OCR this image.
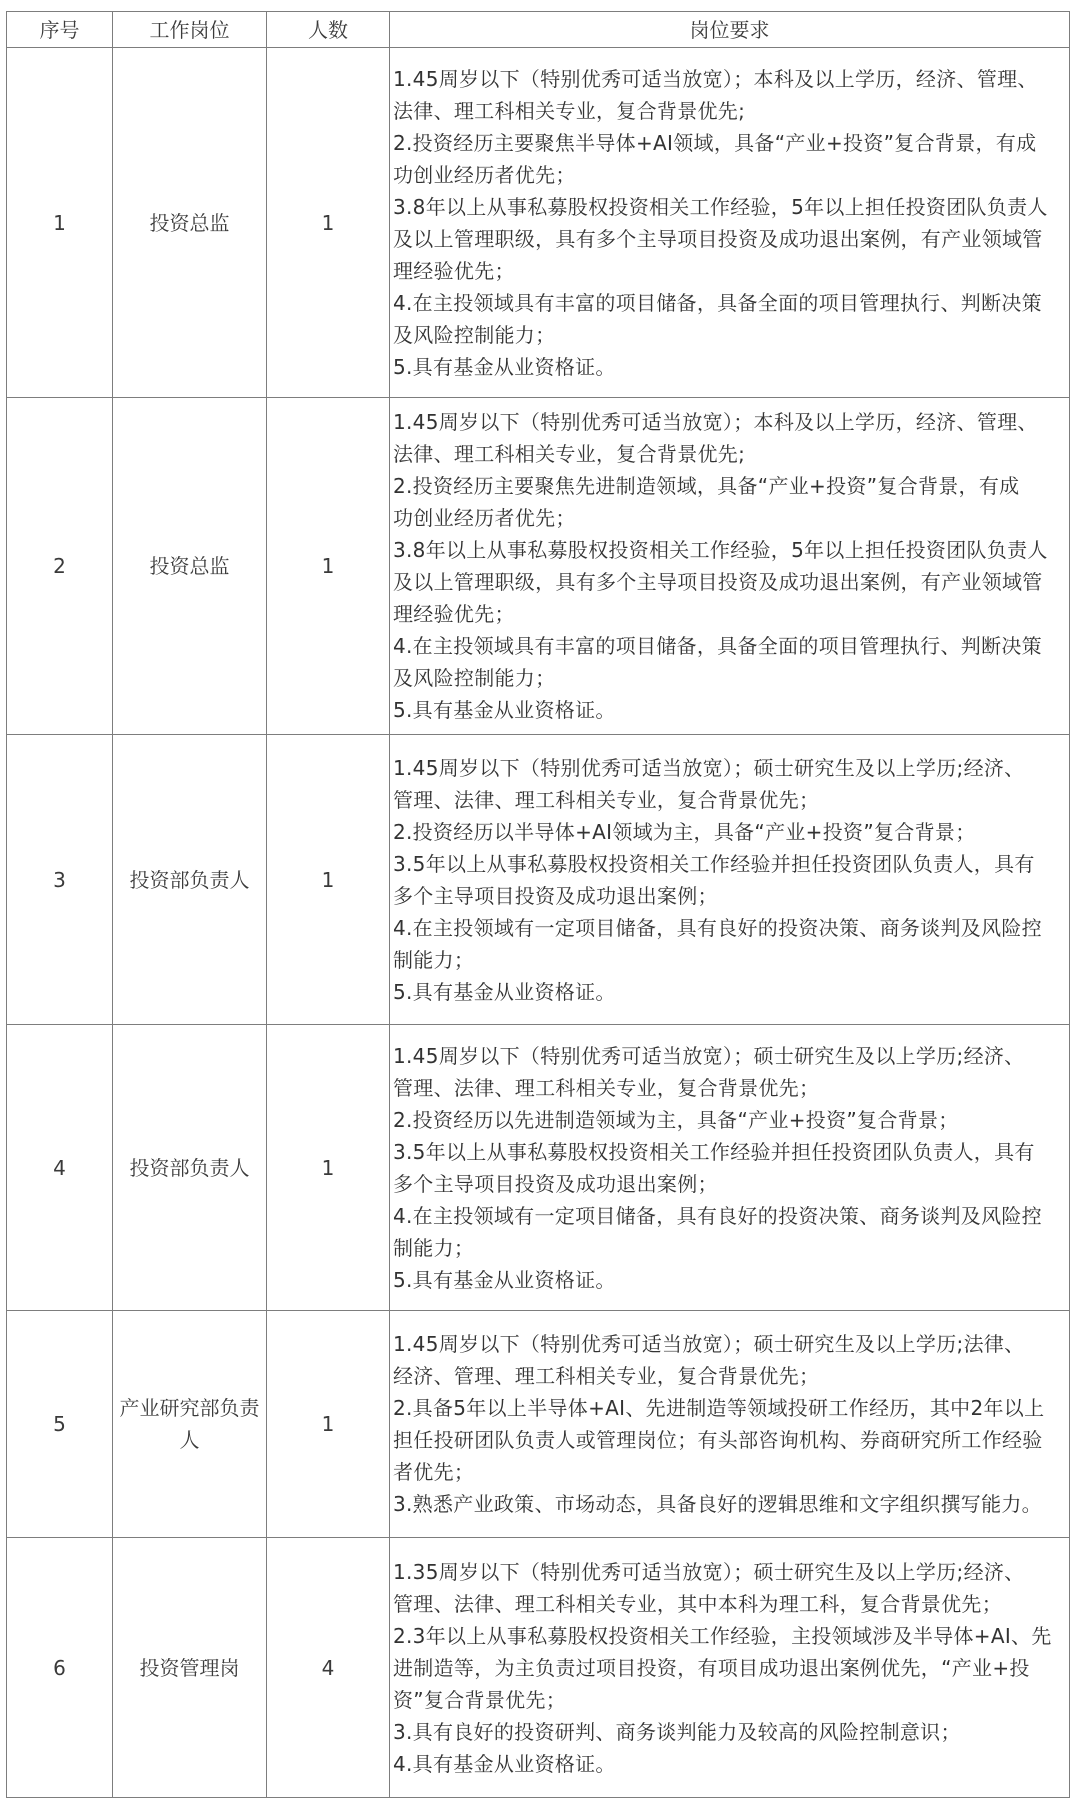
序号	工作岗位	人数	岗位要求
1	投资总监	1	
1.45周岁以下（特别优秀可适当放宽）；本科及以上学历，经济、管理、
法律、理工科相关专业，复合背景优先;
2.投资经历主要聚焦半导体+AI领域，具备“产业+投资”复合背景，有成
功创业经历者优先；
3.8年以上从事私募股权投资相关工作经验，5年以上担任投资团队负责人
及以上管理职级，具有多个主导项目投资及成功退出案例，有产业领域管
理经验优先；
4.在主投领域具有丰富的项目储备，具备全面的项目管理执行、判断决策
及风险控制能力；
5.具有基金从业资格证。

2	投资总监	1	
1.45周岁以下（特别优秀可适当放宽）；本科及以上学历，经济、管理、
法律、理工科相关专业，复合背景优先;
2.投资经历主要聚焦先进制造领域，具备“产业+投资”复合背景，有成
功创业经历者优先；
3.8年以上从事私募股权投资相关工作经验，5年以上担任投资团队负责人
及以上管理职级，具有多个主导项目投资及成功退出案例，有产业领域管
理经验优先；
4.在主投领域具有丰富的项目储备，具备全面的项目管理执行、判断决策
及风险控制能力；
5.具有基金从业资格证。

3	投资部负责人	1	
1.45周岁以下（特别优秀可适当放宽）；硕士研究生及以上学历;经济、
管理、法律、理工科相关专业，复合背景优先；
2.投资经历以半导体+AI领域为主，具备“产业+投资”复合背景；
3.5年以上从事私募股权投资相关工作经验并担任投资团队负责人，具有
多个主导项目投资及成功退出案例；
4.在主投领域有一定项目储备，具有良好的投资决策、商务谈判及风险控
制能力；
5.具有基金从业资格证。

4	投资部负责人	1	
1.45周岁以下（特别优秀可适当放宽）；硕士研究生及以上学历;经济、
管理、法律、理工科相关专业，复合背景优先；
2.投资经历以先进制造领域为主，具备“产业+投资”复合背景；
3.5年以上从事私募股权投资相关工作经验并担任投资团队负责人，具有
多个主导项目投资及成功退出案例；
4.在主投领域有一定项目储备，具有良好的投资决策、商务谈判及风险控
制能力；
5.具有基金从业资格证。

5	产业研究部负责人	1	
1.45周岁以下（特别优秀可适当放宽）；硕士研究生及以上学历;法律、
经济、管理、理工科相关专业，复合背景优先；
2.具备5年以上半导体+AI、先进制造等领域投研工作经历，其中2年以上
担任投研团队负责人或管理岗位；有头部咨询机构、券商研究所工作经验
者优先；
3.熟悉产业政策、市场动态，具备良好的逻辑思维和文字组织撰写能力。

6	投资管理岗	4	
1.35周岁以下（特别优秀可适当放宽）；硕士研究生及以上学历;经济、
管理、法律、理工科相关专业，其中本科为理工科，复合背景优先；
2.3年以上从事私募股权投资相关工作经验，主投领域涉及半导体+AI、先
进制造等，为主负责过项目投资，有项目成功退出案例优先，“产业+投
资”复合背景优先；
3.具有良好的投资研判、商务谈判能力及较高的风险控制意识；
4.具有基金从业资格证。
